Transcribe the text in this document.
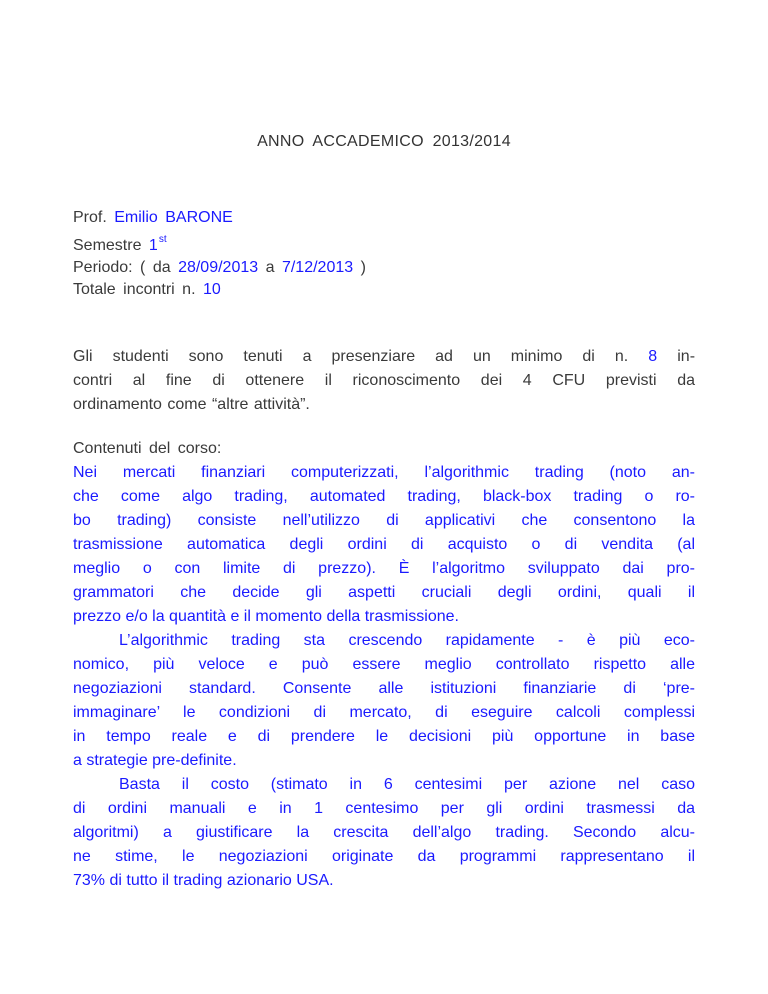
ANNO ACCADEMICO 2013/2014
Prof. Emilio BARONE
Semestre 1st
Periodo: ( da 28/09/2013 a 7/12/2013 )
Totale incontri n. 10
Gli studenti sono tenuti a presenziare ad un minimo di n. 8 in-
contri al fine di ottenere il riconoscimento dei 4 CFU previsti da
ordinamento come “altre attività”.
Contenuti del corso:
Nei mercati finanziari computerizzati, l’algorithmic trading (noto an-
che come algo trading, automated trading, black-box trading o ro-
bo trading) consiste nell’utilizzo di applicativi che consentono la
trasmissione automatica degli ordini di acquisto o di vendita (al
meglio o con limite di prezzo). È l’algoritmo sviluppato dai pro-
grammatori che decide gli aspetti cruciali degli ordini, quali il
prezzo e/o la quantità e il momento della trasmissione.
L’algorithmic trading sta crescendo rapidamente - è più eco-
nomico, più veloce e può essere meglio controllato rispetto alle
negoziazioni standard. Consente alle istituzioni finanziarie di ‘pre-
immaginare’ le condizioni di mercato, di eseguire calcoli complessi
in tempo reale e di prendere le decisioni più opportune in base
a strategie pre-definite.
Basta il costo (stimato in 6 centesimi per azione nel caso
di ordini manuali e in 1 centesimo per gli ordini trasmessi da
algoritmi) a giustificare la crescita dell’algo trading. Secondo alcu-
ne stime, le negoziazioni originate da programmi rappresentano il
73% di tutto il trading azionario USA.
